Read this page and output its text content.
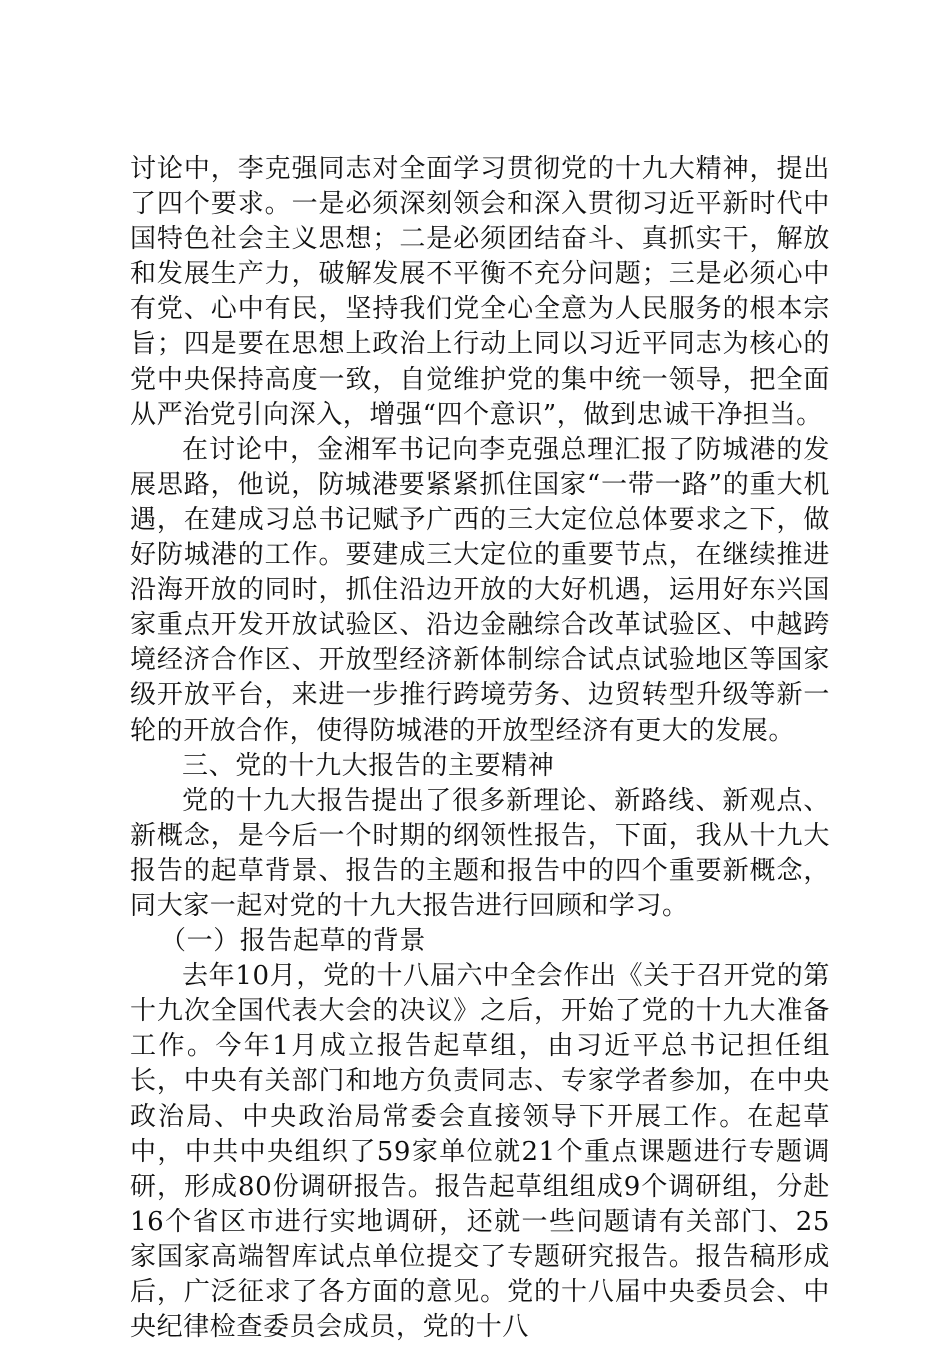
讨论中，李克强同志对全面学习贯彻党的十九大精神，提出了四个要求。一是必须深刻领会和深入贯彻习近平新时代中国特色社会主义思想；二是必须团结奋斗、真抓实干，解放和发展生产力，破解发展不平衡不充分问题；三是必须心中有党、心中有民，坚持我们党全心全意为人民服务的根本宗旨；四是要在思想上政治上行动上同以习近平同志为核心的党中央保持高度一致，自觉维护党的集中统一领导，把全面从严治党引向深入，增强“四个意识”，做到忠诚干净担当。

在讨论中，金湘军书记向李克强总理汇报了防城港的发展思路，他说，防城港要紧紧抓住国家“一带一路”的重大机遇，在建成习总书记赋予广西的三大定位总体要求之下，做好防城港的工作。要建成三大定位的重要节点，在继续推进沿海开放的同时，抓住沿边开放的大好机遇，运用好东兴国家重点开发开放试验区、沿边金融综合改革试验区、中越跨境经济合作区、开放型经济新体制综合试点试验地区等国家级开放平台，来进一步推行跨境劳务、边贸转型升级等新一轮的开放合作，使得防城港的开放型经济有更大的发展。

三、党的十九大报告的主要精神

党的十九大报告提出了很多新理论、新路线、新观点、新概念，是今后一个时期的纲领性报告，下面，我从十九大报告的起草背景、报告的主题和报告中的四个重要新概念，同大家一起对党的十九大报告进行回顾和学习。

（一）报告起草的背景

去年10月，党的十八届六中全会作出《关于召开党的第十九次全国代表大会的决议》之后，开始了党的十九大准备工作。今年1月成立报告起草组，由习近平总书记担任组长，中央有关部门和地方负责同志、专家学者参加，在中央政治局、中央政治局常委会直接领导下开展工作。在起草中，中共中央组织了59家单位就21个重点课题进行专题调研，形成80份调研报告。报告起草组组成9个调研组，分赴16个省区市进行实地调研，还就一些问题请有关部门、25家国家高端智库试点单位提交了专题研究报告。报告稿形成后，广泛征求了各方面的意见。党的十八届中央委员会、中央纪律检查委员会成员，党的十八
